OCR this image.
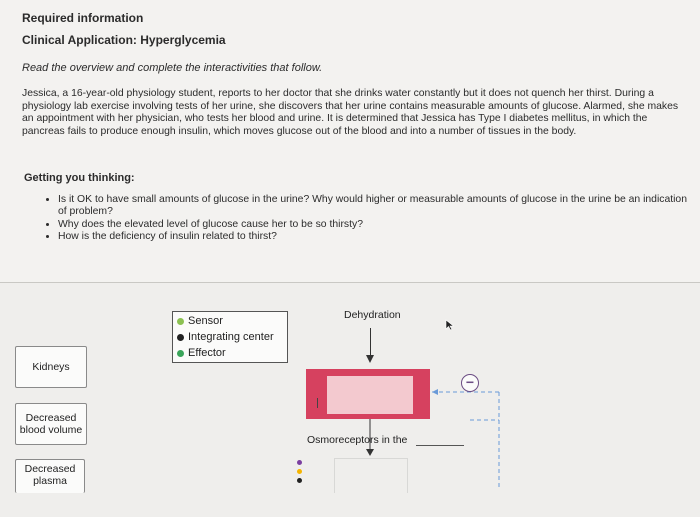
Required information
Clinical Application: Hyperglycemia
Read the overview and complete the interactivities that follow.

Jessica, a 16-year-old physiology student, reports to her doctor that she drinks water constantly but it does not quench her thirst. During a physiology lab exercise involving tests of her urine, she discovers that her urine contains measurable amounts of glucose. Alarmed, she makes an appointment with her physician, who tests her blood and urine. It is determined that Jessica has Type I diabetes mellitus, in which the pancreas fails to produce enough insulin, which moves glucose out of the blood and into a number of tissues in the body.

Getting you thinking:
• Is it OK to have small amounts of glucose in the urine? Why would higher or measurable amounts of glucose in the urine be an indication of problem?
• Why does the elevated level of glucose cause her to be so thirsty?
• How is the deficiency of insulin related to thirst?
Sensor
Integrating center
Effector
Kidneys
Decreased
blood volume
Decreased
plasma
Dehydration
Osmoreceptors in the
−
